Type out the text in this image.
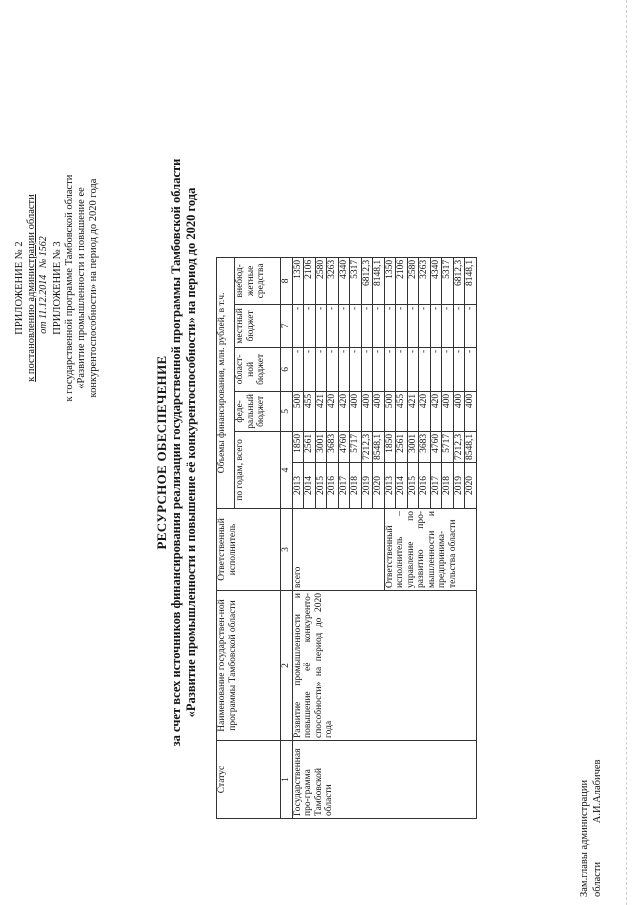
ПРИЛОЖЕНИЕ № 2 к постановлению администрации области от 11.12.2014 № 1562 ПРИЛОЖЕНИЕ № 3 к государственной программе Тамбовской области «Развитие промышленности и повышение ее конкурентоспособности» на период до 2020 года
РЕСУРСНОЕ ОБЕСПЕЧЕНИЕ за счет всех источников финансирования реализации государственной программы Тамбовской области «Развитие промышленности и повышение её конкурентоспособности» на период до 2020 года
Статус	Наименование государствен-ной программы Тамбовской области	Ответственный исполнитель	Объемы финансирования, млн. рублей, в т.ч.					
			по годам, всего		феде-ральный бюджет	област-ной бюджет	местный бюджет	внебюд-жетные средства
1	2	3	4		5	6	7	8
Государственная про-грамма Тамбовской области	Развитие промышленности и повышение её конкуренто-способности» на период до 2020 года	всего	2013	1850	500	-	-	1350
			2014	2561	455	-	-	2106
			2015	3001	421	-	-	2580
			2016	3683	420	-	-	3263
			2017	4760	420	-	-	4340
			2018	5717	400	-	-	5317
			2019	7212,3	400	-	-	6812,3
			2020	8548,1	400	-	-	8148,1
		Ответственный исполнитель – управление по развитию про-мышленности и предпринима-тельства области	2013	1850	500	-	-	1350
			2014	2561	455	-	-	2106
			2015	3001	421	-	-	2580
			2016	3683	420	-	-	3263
			2017	4760	420	-	-	4340
			2018	5717	400	-	-	5317
			2019	7212,3	400	-	-	6812,3
			2020	8548,1	400	-	-	8148,1
Зам.главы администрации области А.И.Алабичев
